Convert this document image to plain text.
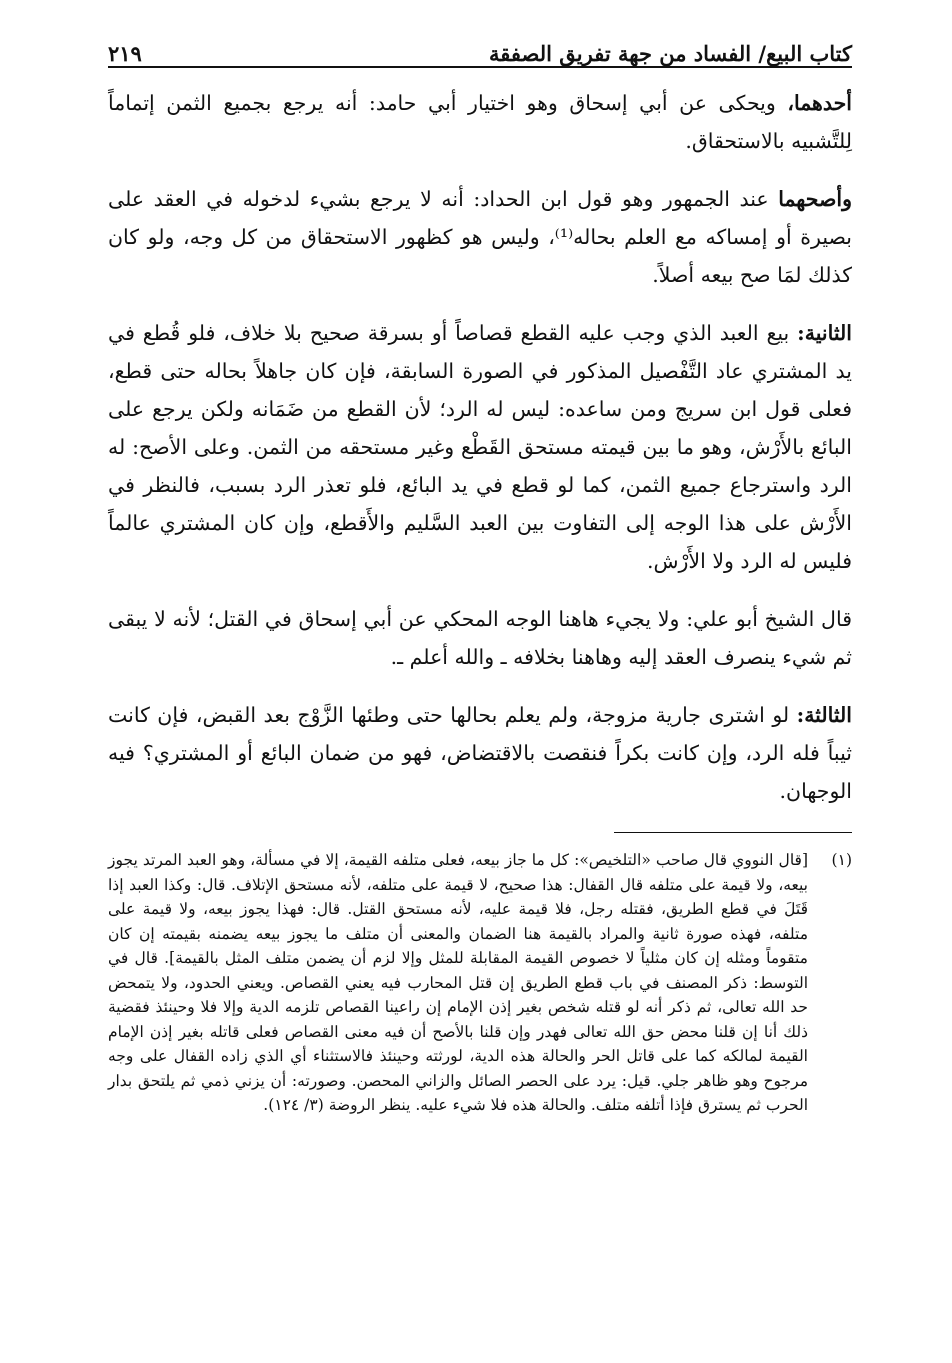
كتاب البيع/ الفساد من جهة تفريق الصفقة
٢١٩

أحدهما، ويحكى عن أبي إسحاق وهو اختيار أبي حامد: أنه يرجع بجميع الثمن إتماماً لِلتَّشبيه بالاستحقاق.

وأصحهما عند الجمهور وهو قول ابن الحداد: أنه لا يرجع بشيء لدخوله في العقد على بصيرة أو إمساكه مع العلم بحاله⁽¹⁾، وليس هو كظهور الاستحقاق من كل وجه، ولو كان كذلك لمَا صح بيعه أصلاً.

الثانية: بيع العبد الذي وجب عليه القطع قصاصاً أو بسرقة صحيح بلا خلاف، فلو قُطع في يد المشتري عاد التَّفْصيل المذكور في الصورة السابقة، فإن كان جاهلاً بحاله حتى قطع، فعلى قول ابن سريج ومن ساعده: ليس له الرد؛ لأن القطع من ضَمَانه ولكن يرجع على البائع بالأَرْش، وهو ما بين قيمته مستحق القَطْع وغير مستحقه من الثمن. وعلى الأصح: له الرد واسترجاع جميع الثمن، كما لو قطع في يد البائع، فلو تعذر الرد بسبب، فالنظر في الأَرْش على هذا الوجه إلى التفاوت بين العبد السَّليم والأَقطع، وإن كان المشتري عالماً فليس له الرد ولا الأَرْش.

قال الشيخ أبو علي: ولا يجيء هاهنا الوجه المحكي عن أبي إسحاق في القتل؛ لأنه لا يبقى ثم شيء ينصرف العقد إليه وهاهنا بخلافه ـ والله أعلم ـ.

الثالثة: لو اشترى جارية مزوجة، ولم يعلم بحالها حتى وطئها الزَّوْج بعد القبض، فإن كانت ثيباً فله الرد، وإن كانت بكراً فنقصت بالاقتضاض، فهو من ضمان البائع أو المشتري؟ فيه الوجهان.

(١)

[قال النووي قال صاحب «التلخيص»: كل ما جاز بيعه، فعلى متلفه القيمة، إلا في مسألة، وهو العبد المرتد يجوز بيعه، ولا قيمة على متلفه قال القفال: هذا صحيح، لا قيمة على متلفه، لأنه مستحق الإتلاف. قال: وكذا العبد إذا قَتَلَ في قطع الطريق، فقتله رجل، فلا قيمة عليه، لأنه مستحق القتل. قال: فهذا يجوز بيعه، ولا قيمة على متلفه، فهذه صورة ثانية والمراد بالقيمة هنا الضمان والمعنى أن متلف ما يجوز بيعه يضمنه بقيمته إن كان متقوماً ومثله إن كان مثلياً لا خصوص القيمة المقابلة للمثل وإلا لزم أن يضمن متلف المثل بالقيمة]. قال في التوسط: ذكر المصنف في باب قطع الطريق إن قتل المحارب فيه يعني القصاص. ويعني الحدود، ولا يتمحض حد الله تعالى، ثم ذكر أنه لو قتله شخص بغير إذن الإمام إن راعينا القصاص تلزمه الدية وإلا فلا وحينئذ فقضية ذلك أنا إن قلنا محض حق الله تعالى فهدر وإن قلنا بالأصح أن فيه معنى القصاص فعلى قاتله بغير إذن الإمام القيمة لمالكه كما على قاتل الحر والحالة هذه الدية، لورثته وحينئذ فالاستثناء أي الذي زاده القفال على وجه مرجوح وهو ظاهر جلي. قيل: يرد على الحصر الصائل والزاني المحصن. وصورته: أن يزني ذمي ثم يلتحق بدار الحرب ثم يسترق فإذا أتلفه متلف. والحالة هذه فلا شيء عليه. ينظر الروضة (٣/ ١٢٤).
